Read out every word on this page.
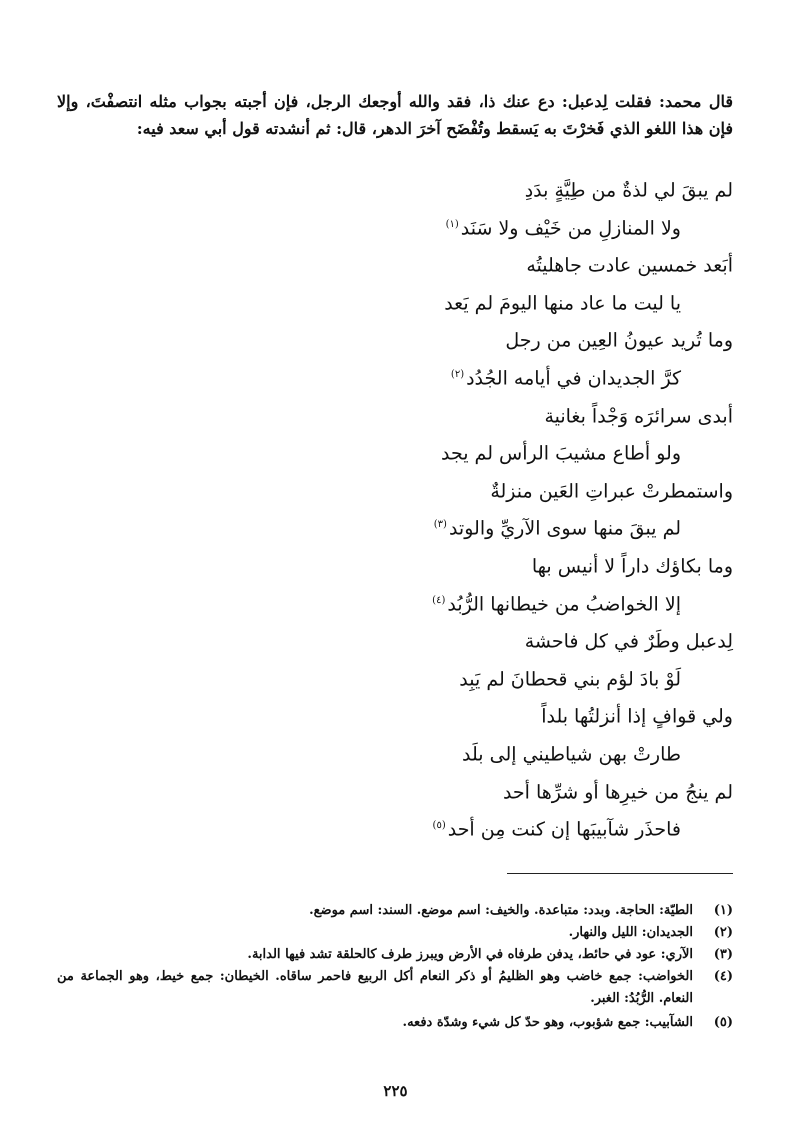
قال محمد: فقلت لِدعبل: دع عنك ذا، فقد والله أوجعك الرجل، فإن أجبته بجواب مثله انتصفْتَ، وإلا فإن هذا اللغو الذي فَخرْتَ به يَسقط وتُفْضَح آخرَ الدهر، قال: ثم أنشدته قول أبي سعد فيه:

لم يبقَ لي لذةٌ من طِيَّةٍ بدَدِ
ولا المنازلِ من خَيْف ولا سَنَد$^{(١)}$
أبَعد خمسين عادت جاهليتُه
يا ليت ما عاد منها اليومَ لم يَعد
وما تُريد عيونُ العِين من رجل
كرَّ الجديدان في أيامه الجُدُد$^{(٢)}$
أبدى سرائرَه وَجْداً بغانية
ولو أطاع مشيبَ الرأس لم يجد
واستمطرتْ عبراتِ العَين منزلةٌ
لم يبقَ منها سوى الآريِّ والوتد$^{(٣)}$
وما بكاؤك داراً لا أنيس بها
إلا الخواضبُ من خيطانها الرُّبُد$^{(٤)}$
لِدعبل وطَرٌ في كل فاحشة
لَوْ بادَ لؤم بني قحطانَ لم يَبِد
ولي قوافٍ إذا أنزلتُها بلداً
طارتْ بهن شياطيني إلى بلَد
لم ينجُ من خيرِها أو شرِّها أحد
فاحذَر شآبيبَها إن كنت مِن أحد$^{(٥)}$
(١)
الطيّة: الحاجة. وبدد: متباعدة. والخيف: اسم موضع. السند: اسم موضع.
(٢)
الجديدان: الليل والنهار.
(٣)
الآري: عود في حائط، يدفن طرفاه في الأرض ويبرز طرف كالحلقة تشد فيها الدابة.
(٤)
الخواضب: جمع خاضب وهو الظليمُ أو ذكر النعام أكل الربيع فاحمر ساقاه. الخيطان: جمع خيط، وهو الجماعة من النعام. الرُّبُدُ: الغبر.
(٥)
الشآبيب: جمع شؤبوب، وهو حدّ كل شيء وشدّة دفعه.
٢٢٥
